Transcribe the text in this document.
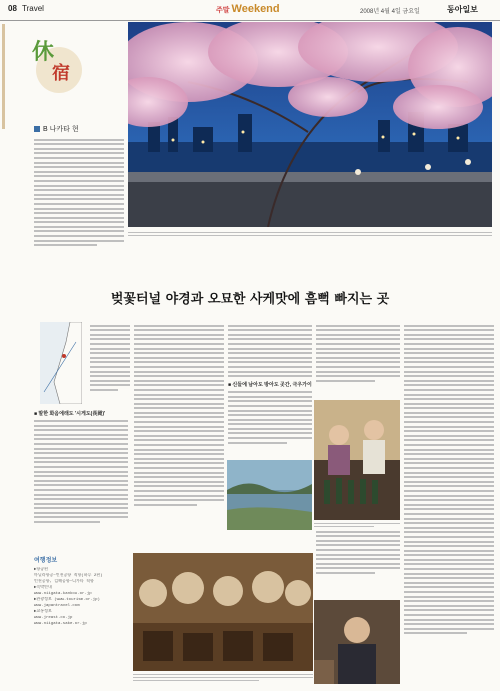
08 Travel	주말 Weekend	2008년 4월 4일 금요일	동아일보
休
宿
B 나카타 현
벚꽃터널 야경과 오묘한 사케맛에 흠뻑 빠지는 곳
■ 말한 화음에래도 '시게도(長岡)'
■ 신들에 남아도 방아도 곳간, 극우가이
여행정보
▶항공편
마닐라항공~인천공항 직항(하루 2편)
인천공항, 김해공항~니가타 직항
▶숙박안내
www.niigata-kankou.or.jp
▶관광정보 (www.tourism.or.jp)
www.japantravel.com
▶교통정보
www.jreast.co.jp
www.niigata-sake.or.jp
